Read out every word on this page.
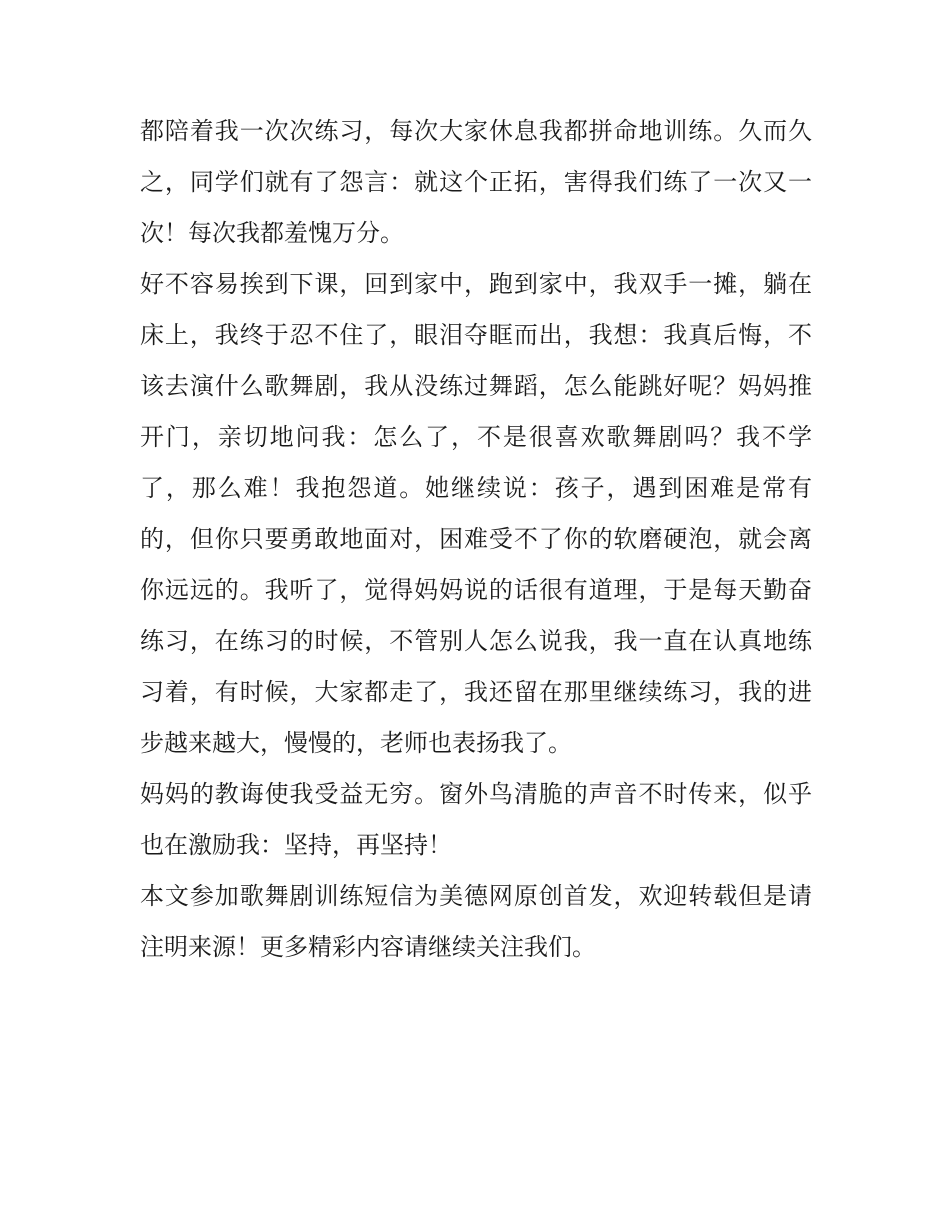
都陪着我一次次练习，每次大家休息我都拼命地训练。久而久
之，同学们就有了怨言：就这个正拓，害得我们练了一次又一
次！每次我都羞愧万分。
好不容易挨到下课，回到家中，跑到家中，我双手一摊，躺在
床上，我终于忍不住了，眼泪夺眶而出，我想：我真后悔，不
该去演什么歌舞剧，我从没练过舞蹈，怎么能跳好呢？妈妈推
开门，亲切地问我：怎么了，不是很喜欢歌舞剧吗？我不学
了，那么难！我抱怨道。她继续说：孩子，遇到困难是常有
的，但你只要勇敢地面对，困难受不了你的软磨硬泡，就会离
你远远的。我听了，觉得妈妈说的话很有道理，于是每天勤奋
练习，在练习的时候，不管别人怎么说我，我一直在认真地练
习着，有时候，大家都走了，我还留在那里继续练习，我的进
步越来越大，慢慢的，老师也表扬我了。
妈妈的教诲使我受益无穷。窗外鸟清脆的声音不时传来，似乎
也在激励我：坚持，再坚持！
本文参加歌舞剧训练短信为美德网原创首发，欢迎转载但是请
注明来源！更多精彩内容请继续关注我们。
